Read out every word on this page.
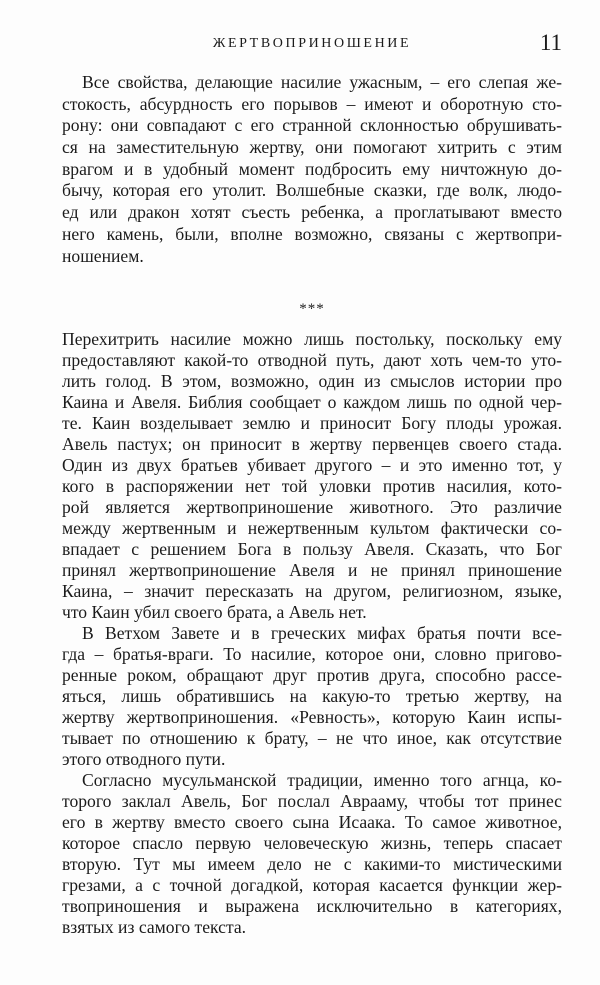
ЖЕРТВОПРИНОШЕНИЕ	11
Все свойства, делающие насилие ужасным, – его слепая же-
стокость, абсурдность его порывов – имеют и оборотную сто-
рону: они совпадают с его странной склонностью обрушивать-
ся на заместительную жертву, они помогают хитрить с этим
врагом и в удобный момент подбросить ему ничтожную до-
бычу, которая его утолит. Волшебные сказки, где волк, людо-
ед или дракон хотят съесть ребенка, а проглатывают вместо
него камень, были, вполне возможно, связаны с жертвопри-
ношением.
***
Перехитрить насилие можно лишь постольку, поскольку ему
предоставляют какой-то отводной путь, дают хоть чем-то уто-
лить голод. В этом, возможно, один из смыслов истории про
Каина и Авеля. Библия сообщает о каждом лишь по одной чер-
те. Каин возделывает землю и приносит Богу плоды урожая.
Авель пастух; он приносит в жертву первенцев своего стада.
Один из двух братьев убивает другого – и это именно тот, у
кого в распоряжении нет той уловки против насилия, кото-
рой является жертвоприношение животного. Это различие
между жертвенным и нежертвенным культом фактически со-
впадает с решением Бога в пользу Авеля. Сказать, что Бог
принял жертвоприношение Авеля и не принял приношение
Каина, – значит пересказать на другом, религиозном, языке,
что Каин убил своего брата, а Авель нет.
В Ветхом Завете и в греческих мифах братья почти все-
гда – братья-враги. То насилие, которое они, словно пригово-
ренные роком, обращают друг против друга, способно рассе-
яться, лишь обратившись на какую-то третью жертву, на
жертву жертвоприношения. «Ревность», которую Каин испы-
тывает по отношению к брату, – не что иное, как отсутствие
этого отводного пути.
Согласно мусульманской традиции, именно того агнца, ко-
торого заклал Авель, Бог послал Аврааму, чтобы тот принес
его в жертву вместо своего сына Исаака. То самое животное,
которое спасло первую человеческую жизнь, теперь спасает
вторую. Тут мы имеем дело не с какими-то мистическими
грезами, а с точной догадкой, которая касается функции жер-
твоприношения и выражена исключительно в категориях,
взятых из самого текста.
